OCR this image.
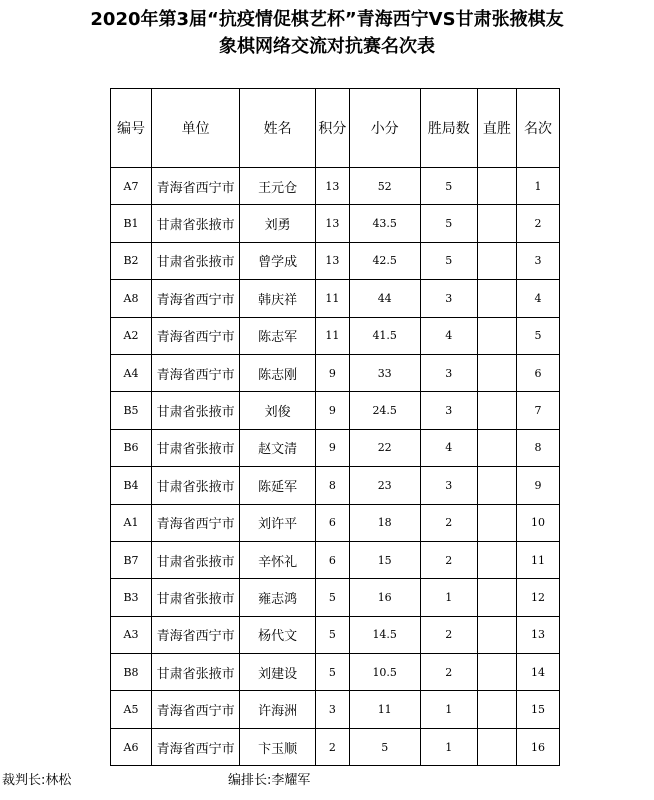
2020年第3届“抗疫情促棋艺杯”青海西宁VS甘肃张掖棋友
象棋网络交流对抗赛名次表
编号	单位	姓名	积分	小分	胜局数	直胜	名次
A7	青海省西宁市	王元仓	13	52	5		1
B1	甘肃省张掖市	刘勇	13	43.5	5		2
B2	甘肃省张掖市	曾学成	13	42.5	5		3
A8	青海省西宁市	韩庆祥	11	44	3		4
A2	青海省西宁市	陈志军	11	41.5	4		5
A4	青海省西宁市	陈志刚	9	33	3		6
B5	甘肃省张掖市	刘俊	9	24.5	3		7
B6	甘肃省张掖市	赵文清	9	22	4		8
B4	甘肃省张掖市	陈延军	8	23	3		9
A1	青海省西宁市	刘许平	6	18	2		10
B7	甘肃省张掖市	辛怀礼	6	15	2		11
B3	甘肃省张掖市	雍志鸿	5	16	1		12
A3	青海省西宁市	杨代文	5	14.5	2		13
B8	甘肃省张掖市	刘建设	5	10.5	2		14
A5	青海省西宁市	许海洲	3	11	1		15
A6	青海省西宁市	卞玉顺	2	5	1		16
裁判长:林松	编排长:李耀军
